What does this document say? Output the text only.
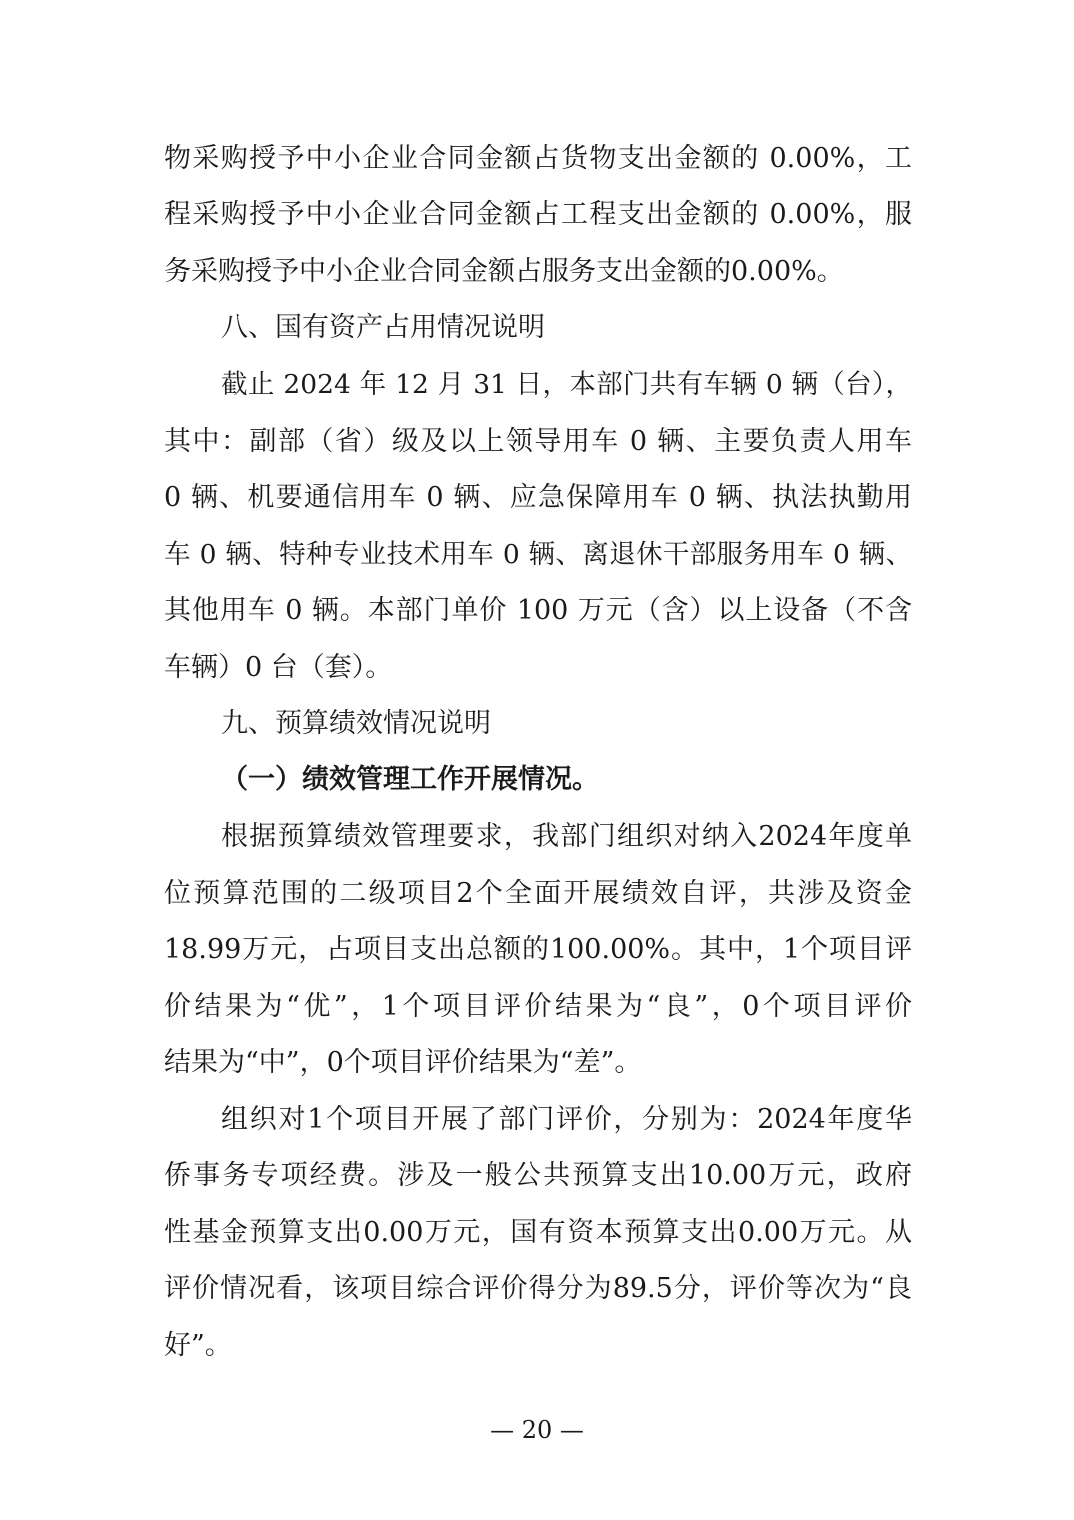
物采购授予中小企业合同金额占货物支出金额的 0.00%，工
程采购授予中小企业合同金额占工程支出金额的 0.00%，服
务采购授予中小企业合同金额占服务支出金额的0.00%。
八、国有资产占用情况说明
截止 2024 年 12 月 31 日，本部门共有车辆 0 辆（台），
其中：副部（省）级及以上领导用车 0 辆、主要负责人用车
0 辆、机要通信用车 0 辆、应急保障用车 0 辆、执法执勤用
车 0 辆、特种专业技术用车 0 辆、离退休干部服务用车 0 辆、
其他用车 0 辆。本部门单价 100 万元（含）以上设备（不含
车辆）0 台（套）。
九、预算绩效情况说明
（一）绩效管理工作开展情况。
根据预算绩效管理要求，我部门组织对纳入2024年度单
位预算范围的二级项目2个全面开展绩效自评，共涉及资金
18.99万元，占项目支出总额的100.00%。其中，1个项目评
价结果为“优”，1个项目评价结果为“良”，0个项目评价
结果为“中”，0个项目评价结果为“差”。
组织对1个项目开展了部门评价，分别为：2024年度华
侨事务专项经费。涉及一般公共预算支出10.00万元，政府
性基金预算支出0.00万元，国有资本预算支出0.00万元。从
评价情况看，该项目综合评价得分为89.5分，评价等次为“良
好”。
— 20 —
